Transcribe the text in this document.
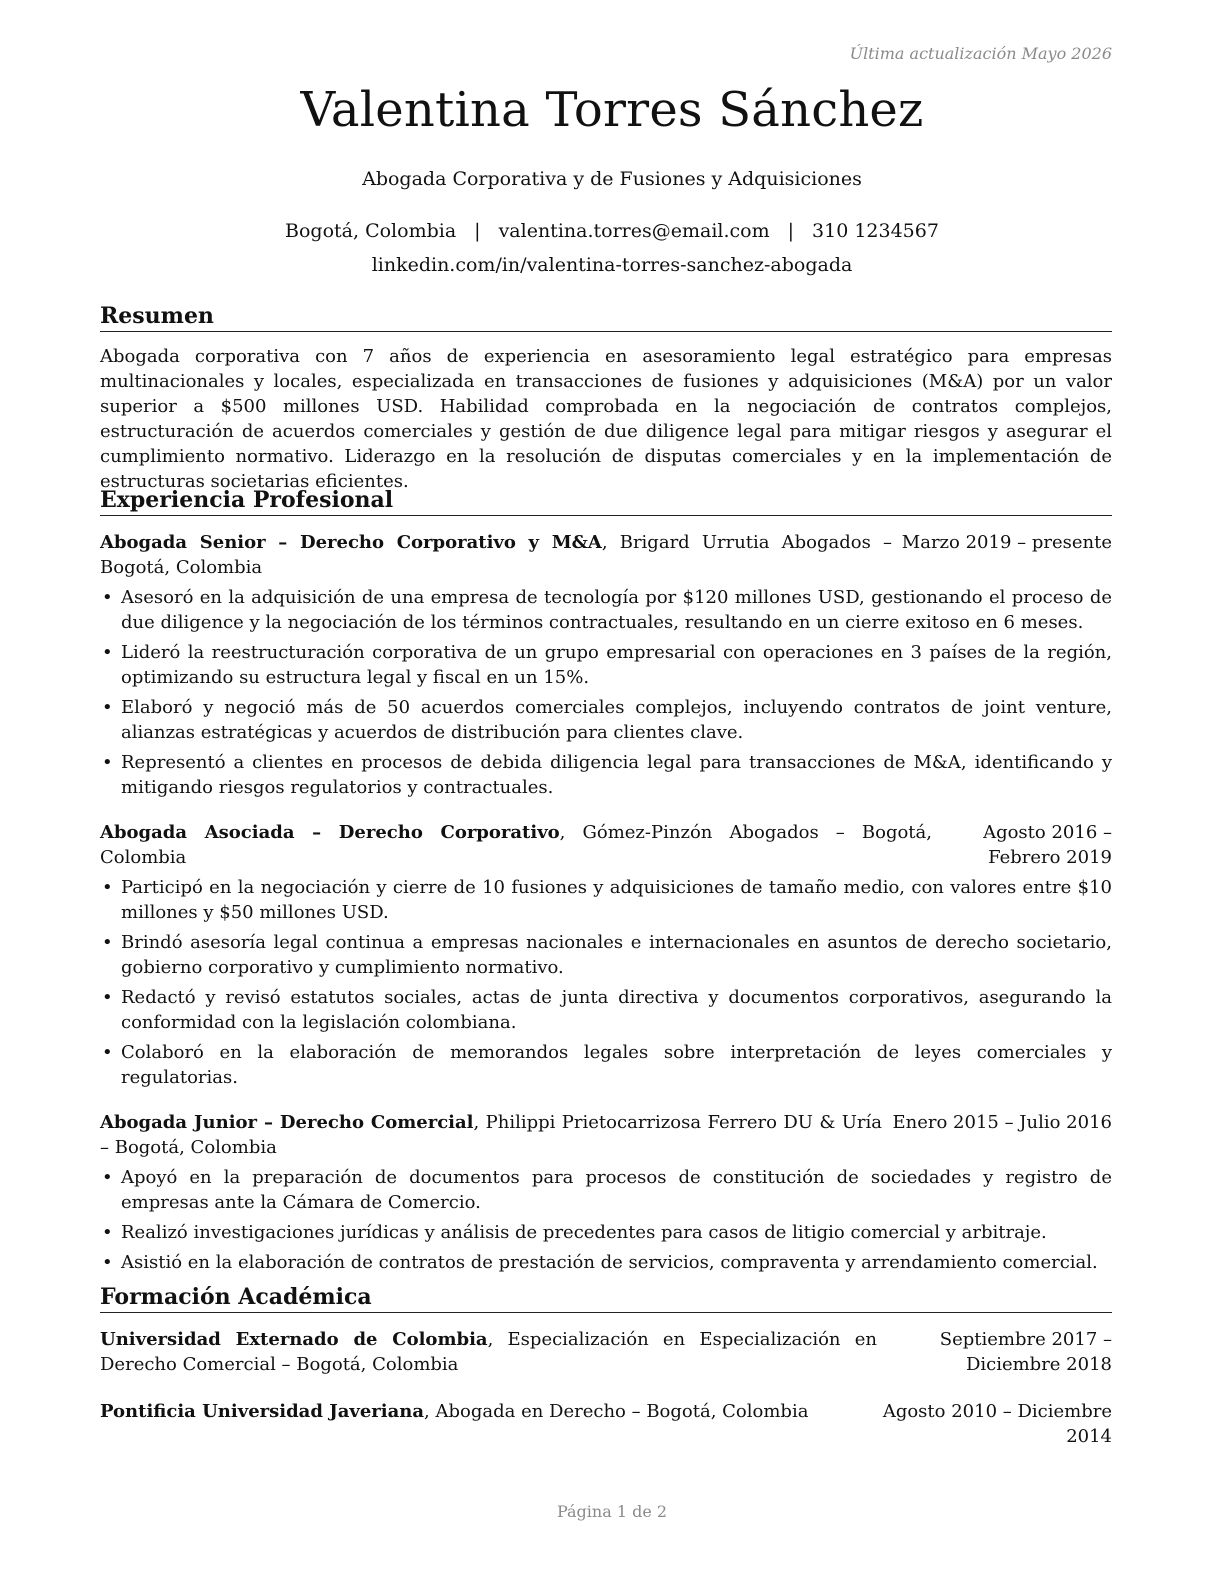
Última actualización Mayo 2026
Valentina Torres Sánchez
Abogada Corporativa y de Fusiones y Adquisiciones
Bogotá, Colombia | valentina.torres@email.com | 310 1234567
linkedin.com/in/valentina-torres-sanchez-abogada
Resumen
Abogada corporativa con 7 años de experiencia en asesoramiento legal estratégico para empresas multinacionales y locales, especializada en transacciones de fusiones y adquisiciones (M&A) por un valor superior a $500 millones USD. Habilidad comprobada en la negociación de contratos complejos, estructuración de acuerdos comerciales y gestión de due diligence legal para mitigar riesgos y asegurar el cumplimiento normativo. Liderazgo en la resolución de disputas comerciales y en la implementación de estructuras societarias eficientes.
Experiencia Profesional
Abogada Senior – Derecho Corporativo y M&A, Brigard Urrutia Abogados – Bogotá, Colombia
Marzo 2019 – presente
• Asesoró en la adquisición de una empresa de tecnología por $120 millones USD, gestionando el proceso de due diligence y la negociación de los términos contractuales, resultando en un cierre exitoso en 6 meses.
• Lideró la reestructuración corporativa de un grupo empresarial con operaciones en 3 países de la región, optimizando su estructura legal y fiscal en un 15%.
• Elaboró y negoció más de 50 acuerdos comerciales complejos, incluyendo contratos de joint venture, alianzas estratégicas y acuerdos de distribución para clientes clave.
• Representó a clientes en procesos de debida diligencia legal para transacciones de M&A, identificando y mitigando riesgos regulatorios y contractuales.
Abogada Asociada – Derecho Corporativo, Gómez-Pinzón Abogados – Bogotá, Colombia
Agosto 2016 – Febrero 2019
• Participó en la negociación y cierre de 10 fusiones y adquisiciones de tamaño medio, con valores entre $10 millones y $50 millones USD.
• Brindó asesoría legal continua a empresas nacionales e internacionales en asuntos de derecho societario, gobierno corporativo y cumplimiento normativo.
• Redactó y revisó estatutos sociales, actas de junta directiva y documentos corporativos, asegurando la conformidad con la legislación colombiana.
• Colaboró en la elaboración de memorandos legales sobre interpretación de leyes comerciales y regulatorias.
Abogada Junior – Derecho Comercial, Philippi Prietocarrizosa Ferrero DU & Uría – Bogotá, Colombia
Enero 2015 – Julio 2016
• Apoyó en la preparación de documentos para procesos de constitución de sociedades y registro de empresas ante la Cámara de Comercio.
• Realizó investigaciones jurídicas y análisis de precedentes para casos de litigio comercial y arbitraje.
• Asistió en la elaboración de contratos de prestación de servicios, compraventa y arrendamiento comercial.
Formación Académica
Universidad Externado de Colombia, Especialización en Especialización en Derecho Comercial – Bogotá, Colombia
Septiembre 2017 – Diciembre 2018
Pontificia Universidad Javeriana, Abogada en Derecho – Bogotá, Colombia	Agosto 2010 – Diciembre 2014
Página 1 de 2
